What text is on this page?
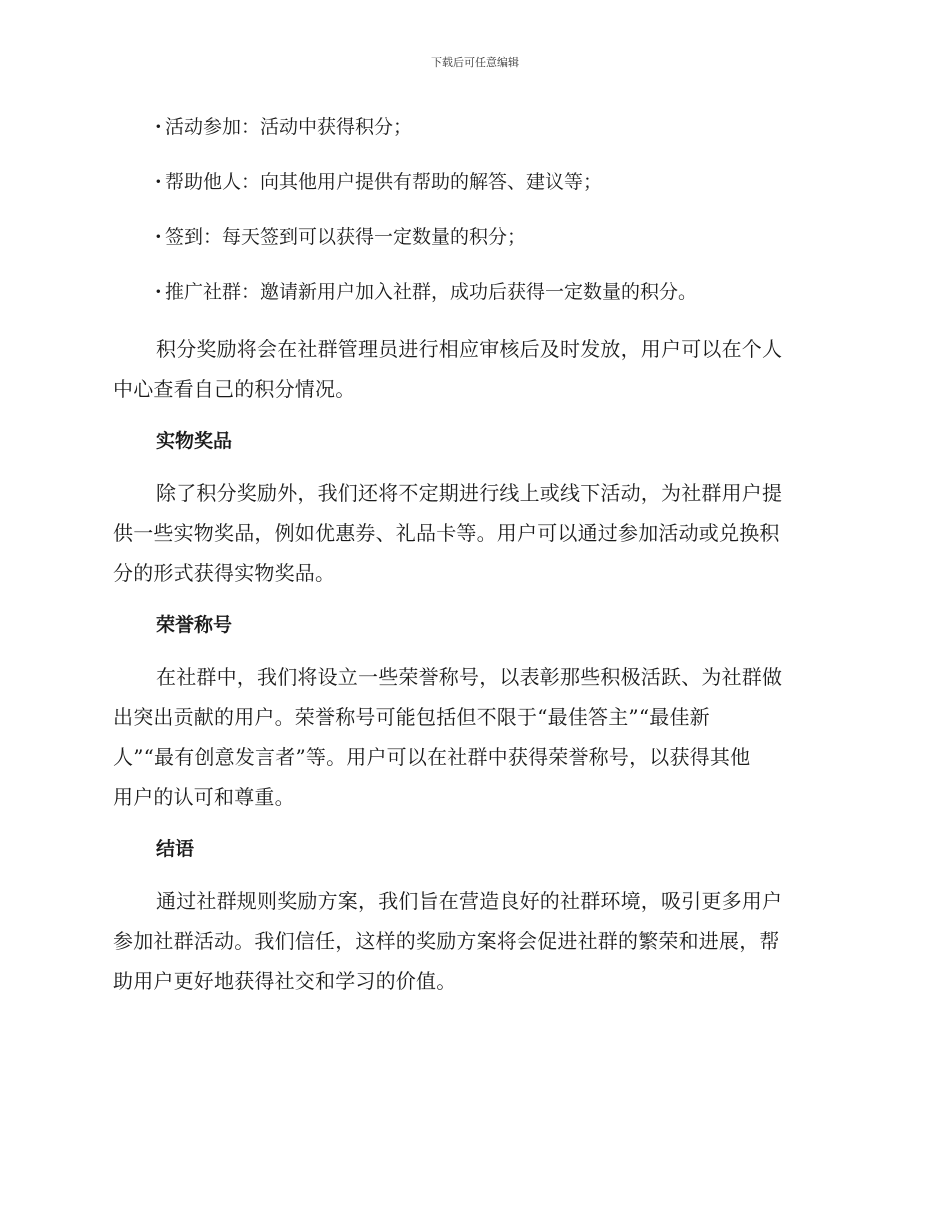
下载后可任意编辑
· 活动参加：活动中获得积分；
· 帮助他人：向其他用户提供有帮助的解答、建议等；
· 签到：每天签到可以获得一定数量的积分；
· 推广社群：邀请新用户加入社群，成功后获得一定数量的积分。
积分奖励将会在社群管理员进行相应审核后及时发放，用户可以在个人
中心查看自己的积分情况。
实物奖品
除了积分奖励外，我们还将不定期进行线上或线下活动，为社群用户提
供一些实物奖品，例如优惠券、礼品卡等。用户可以通过参加活动或兑换积
分的形式获得实物奖品。
荣誉称号
在社群中，我们将设立一些荣誉称号，以表彰那些积极活跃、为社群做
出突出贡献的用户。荣誉称号可能包括但不限于“最佳答主”“最佳新
人”“最有创意发言者”等。用户可以在社群中获得荣誉称号，以获得其他
用户的认可和尊重。
结语
通过社群规则奖励方案，我们旨在营造良好的社群环境，吸引更多用户
参加社群活动。我们信任，这样的奖励方案将会促进社群的繁荣和进展，帮
助用户更好地获得社交和学习的价值。
